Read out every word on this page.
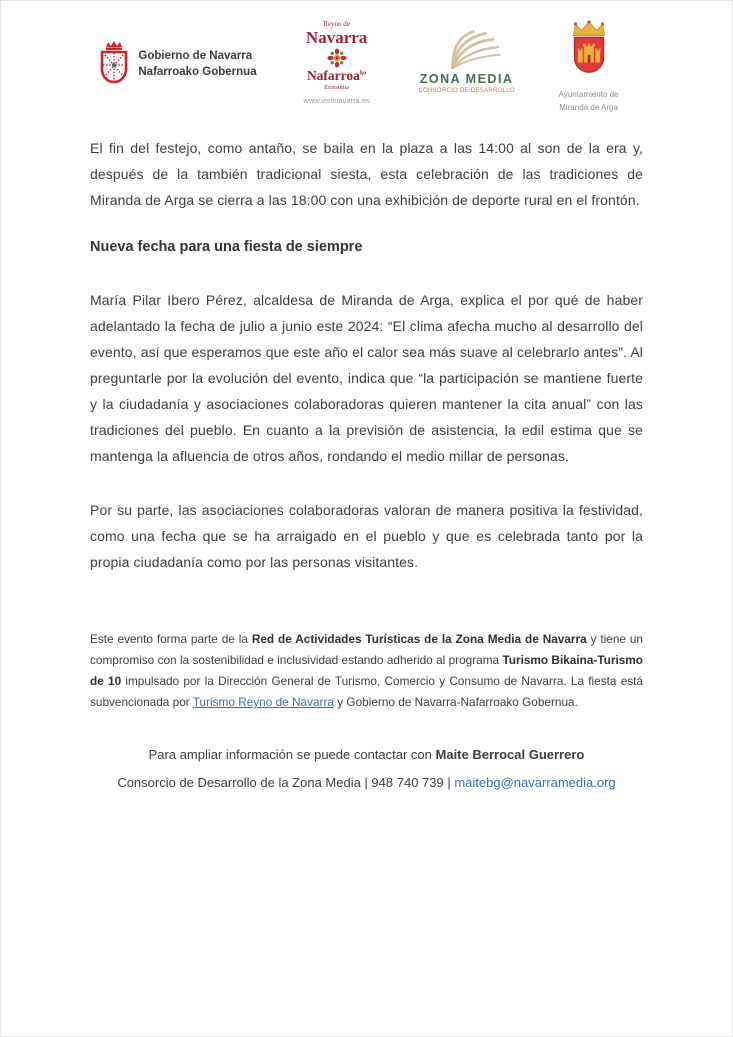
Gobierno de Navarra
Nafarroako Gobernua
Reyno de
Navarra
Nafarroa$^{ko}$
Erresuma
www.visitnavarra.es
ZONA MEDIA
CONSORCIO DE DESARROLLO	Ayuntamiento de
Miranda de Arga

El fin del festejo, como antaño, se baila en la plaza a las 14:00 al son de la era y, después de la también tradicional siesta, esta celebración de las tradiciones de Miranda de Arga se cierra a las 18:00 con una exhibición de deporte rural en el frontón.

Nueva fecha para una fiesta de siempre

María Pilar Ibero Pérez, alcaldesa de Miranda de Arga, explica el por qué de haber adelantado la fecha de julio a junio este 2024: “El clima afecha mucho al desarrollo del evento, así que esperamos que este año el calor sea más suave al celebrarlo antes”. Al preguntarle por la evolución del evento, indica que “la participación se mantiene fuerte y la ciudadanía y asociaciones colaboradoras quieren mantener la cita anual” con las tradiciones del pueblo. En cuanto a la previsión de asistencia, la edil estima que se mantenga la afluencia de otros años, rondando el medio millar de personas.

Por su parte, las asociaciones colaboradoras valoran de manera positiva la festividad, como una fecha que se ha arraigado en el pueblo y que es celebrada tanto por la propia ciudadanía como por las personas visitantes.

Este evento forma parte de la Red de Actividades Turísticas de la Zona Media de Navarra y tiene un compromiso con la sostenibilidad e inclusividad estando adherido al programa Turismo Bikaina-Turismo de 10 impulsado por la Dirección General de Turismo, Comercio y Consumo de Navarra. La fiesta está subvencionada por Turismo Reyno de Navarra y Gobierno de Navarra-Nafarroako Gobernua.

Para ampliar información se puede contactar con Maite Berrocal Guerrero

Consorcio de Desarrollo de la Zona Media | 948 740 739 | maitebg@navarramedia.org
